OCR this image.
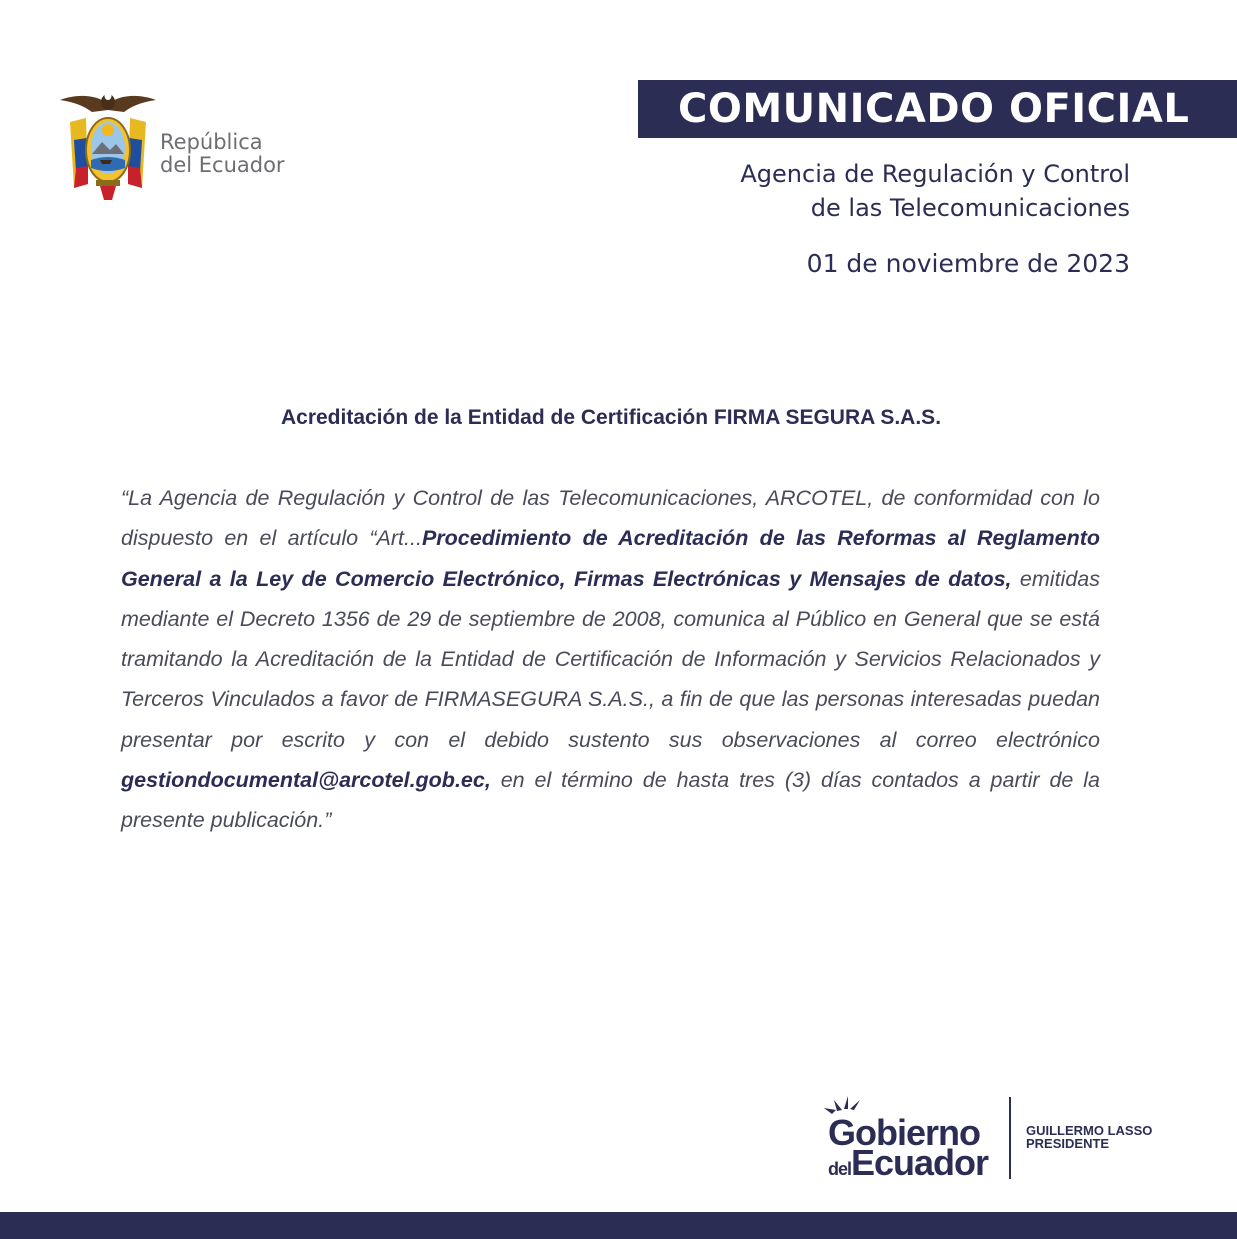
República
del Ecuador
COMUNICADO OFICIAL
Agencia de Regulación y Control
de las Telecomunicaciones
01 de noviembre de 2023
Acreditación de la Entidad de Certificación FIRMA SEGURA S.A.S.
“La Agencia de Regulación y Control de las Telecomunicaciones, ARCOTEL, de conformidad con lo dispuesto en el artículo “Art...Procedimiento de Acreditación de las Reformas al Reglamento General a la Ley de Comercio Electrónico, Firmas Electrónicas y Mensajes de datos, emitidas mediante el Decreto 1356 de 29 de septiembre de 2008, comunica al Público en General que se está tramitando la Acreditación de la Entidad de Certificación de Información y Servicios Relacionados y Terceros Vinculados a favor de FIRMASEGURA S.A.S., a fin de que las personas interesadas puedan presentar por escrito y con el debido sustento sus observaciones al correo electrónico gestiondocumental@arcotel.gob.ec, en el término de hasta tres (3) días contados a partir de la presente publicación.”
Gobierno
delEcuador
GUILLERMO LASSO
PRESIDENTE
